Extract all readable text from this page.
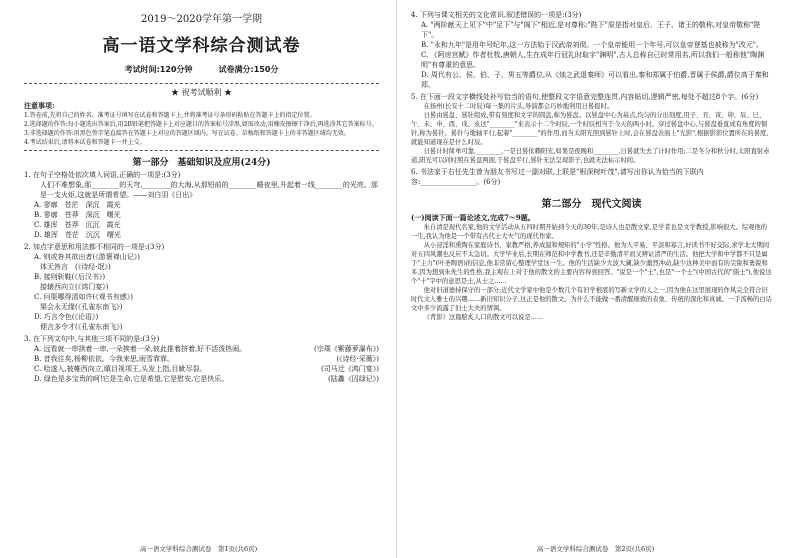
2019～2020学年第一学期
高一语文学科综合测试卷
考试时间:120分钟	试卷满分:150分
★ 祝考试顺利 ★
注意事项:
1.答卷前,先将自己的姓名、准考证号填写在试卷和答题卡上,并将准考证号条形码粘贴在答题卡上的指定位置。
2.选择题的作答:每小题选出答案后,用2B铅笔把答题卡上对应题目的答案标号涂黑,如需改动,用橡皮擦擦干净后,再选涂其它答案标号。
3.非选择题的作答:用黑色签字笔直接答在答题卡上对应的答题区域内。写在试卷、草稿纸和答题卡上的非答题区域均无效。
4.考试结束后,请将本试卷和答题卡一并上交。
第一部分　基础知识及应用(24分)
1. 在句子空格处依次填入词语,正确的一项是:(3分)
人们不难想象,那________的天穹,________的大海,从那铅前的________睡夜里,升起着一线________的光亮。那是一支火炬,这就是所谓希望。——刘白羽《日出》
A. 寥廓　苍茫　深沉　霞光
B. 寥廓　苍莽　深沉　曙光
C. 雄浑　苍莽　沉沉　霞光
D. 雄浑　苍茫　沉沉　曙光
2. 加点字意思和用法都不相同的一项是:(3分)
A. 则或咎其欲出者(《游褒禅山记》)
体无咎言　(《诗经·氓》)
B. 接则斩鞋(《后汉书》)
接辕西向立(《鸿门宴》)
C. 问渠哪得清如许(《观书有感》)
渠会永无缘(《孔雀东南飞》)
D. 巧言令色(《论语》)
便言多令才(《孔雀东南飞》)
3. 在下列文句中,与其他三项不同的是:(3分)
A. 远看就一串拱着一串,一朵挨着一朵,彼此推着挤着,好不活泼热闹。	(宗璞《紫藤萝瀑布》)
B. 昔我往矣,杨柳依依。今我来思,雨雪霏霏。	(《诗经·采薇》)
C. 哙遂入,披帷西向立,瞋目视项王,头发上指,目眦尽裂。	(司马迁《鸿门宴》)
D. 绿色是多宝贵的呵!它是生命,它是希望,它是慰安,它是快乐。	(陆蠡《囚绿记》)
高一语文学科综合测试卷　第1页(共6页)
4. 下列与课文相关的文化常识,叙述错误的一项是:(3分)
A. "两阶献天上见下"中"足下"与"阁下"相近,是对尊称;"陛下"原是指对皇后、王子、诸王的敬称,对皇帝敬称"陛下"。
B. "永和九年"是用年号纪年,这一方法始于汉武帝刘彻。一个皇帝能用一个年号,可以皇帝登基也被称为"改元"。
C. 《阿房宫赋》作者杜牧,唐朝人,生在成年行冠礼时取字"渊明",古人总称自己时常用名,所以我们一般称他"陶渊明"有尊重的意思。
D. 周代有公、侯、伯、子、男五等爵位,从《烛之武退秦师》可以看出,秦和郑属于伯爵,晋属于侯爵,爵位高于秦和郑。
5. 在下面一段文字横线处补写恰当的语句,使整段文字语意完整连贯,内容贴切,逻辑严密,每处不超过8个字。(6分)
在扬州(长安十二时辰)每一集的片头,导演都会巧妙地利用日晷报时。
日晷由晷盘、晷针组成,带有刻度和文字的圆盘,称为晷盘。以晷盘中心为基点,均匀的分出刻度,用子、丑、寅、卯、辰、巳、午、未、申、酉、戌、亥这"________"来表示十二个时辰,一个时辰相当于今天的两小时。穿过晷盘中心,与晷盘垂直或有角度的铜针,称为晷针。晷针与地轴平行,起着"________"的作用,而当太阳光照到晷针上时,会在晷盘表面上"光影",根据影影位置所在的晷度,就能知道现在是什么时辰。
日晷计时简单可靠,________,一是日晷依赖阳光,如果是夜晚和________,日晷就失去了计时作用;二是冬分和秋分时,太阳直射赤道,阳光可以同时照在晷盘两面,于晷盘平行,晷针无法呈现影子,也就无法标示时间。
6. 书法家于右任先生曾为朋友书写过一副对联,上联是"根深树叶茂",请写出你认为恰当的下联内容:________________。(6分)
第二部分　现代文阅读
(一)阅读下面一篇论述文,完成7～9题。
朱自清是现代名家,他的文学活动从五四时期开始到今天的30年,是诗人也是散文家,是学者也是文学教授,影响很大。综观他的一生,我认为他是一个带有古代士大夫气的现代作家。
从小浸淫和熏陶在家庭诗书、家教严格,养成温和规矩的"小学"性格。他为人平易、平淡和寡言,好读书不好交际,求学北大期间对五四风潮也反应不太急切。大学毕业后,长期在师范和中学教书,还是辛勤清平而又辨证清严的生活。他把大学和中学都不只是属于"主力"(叶圣陶语)的信息,他非常留心整理学堂这一生。他的生活缺少大波大澜,缺少激烈冲动,缺少这种美中而有的尖锐和勇锐和多,因为想到朱先生的性格,我主观在上对于他的散文的主要内容得到回答。"说是一个"士",也是"一个士"(中国古代的"儒士"),他说这个"十"字中的意思是士,从士之……
他对旧道德持保守的一部分;近代文学家中他是少数几个有旧学根底的写新文学的人之一,因为他在这里展现的作风完全符合旧时代文人雅士的兴趣……新旧知识分子,这正是他的散文。为什么不能做一番清醒细致的表象、传统的深化和真诚。一手流畅的白话文中多少流露了旧士大夫的情调。
《背影》这篇脍炙人口的散文可以说是……
高一语文学科综合测试卷　第2页(共6页)
